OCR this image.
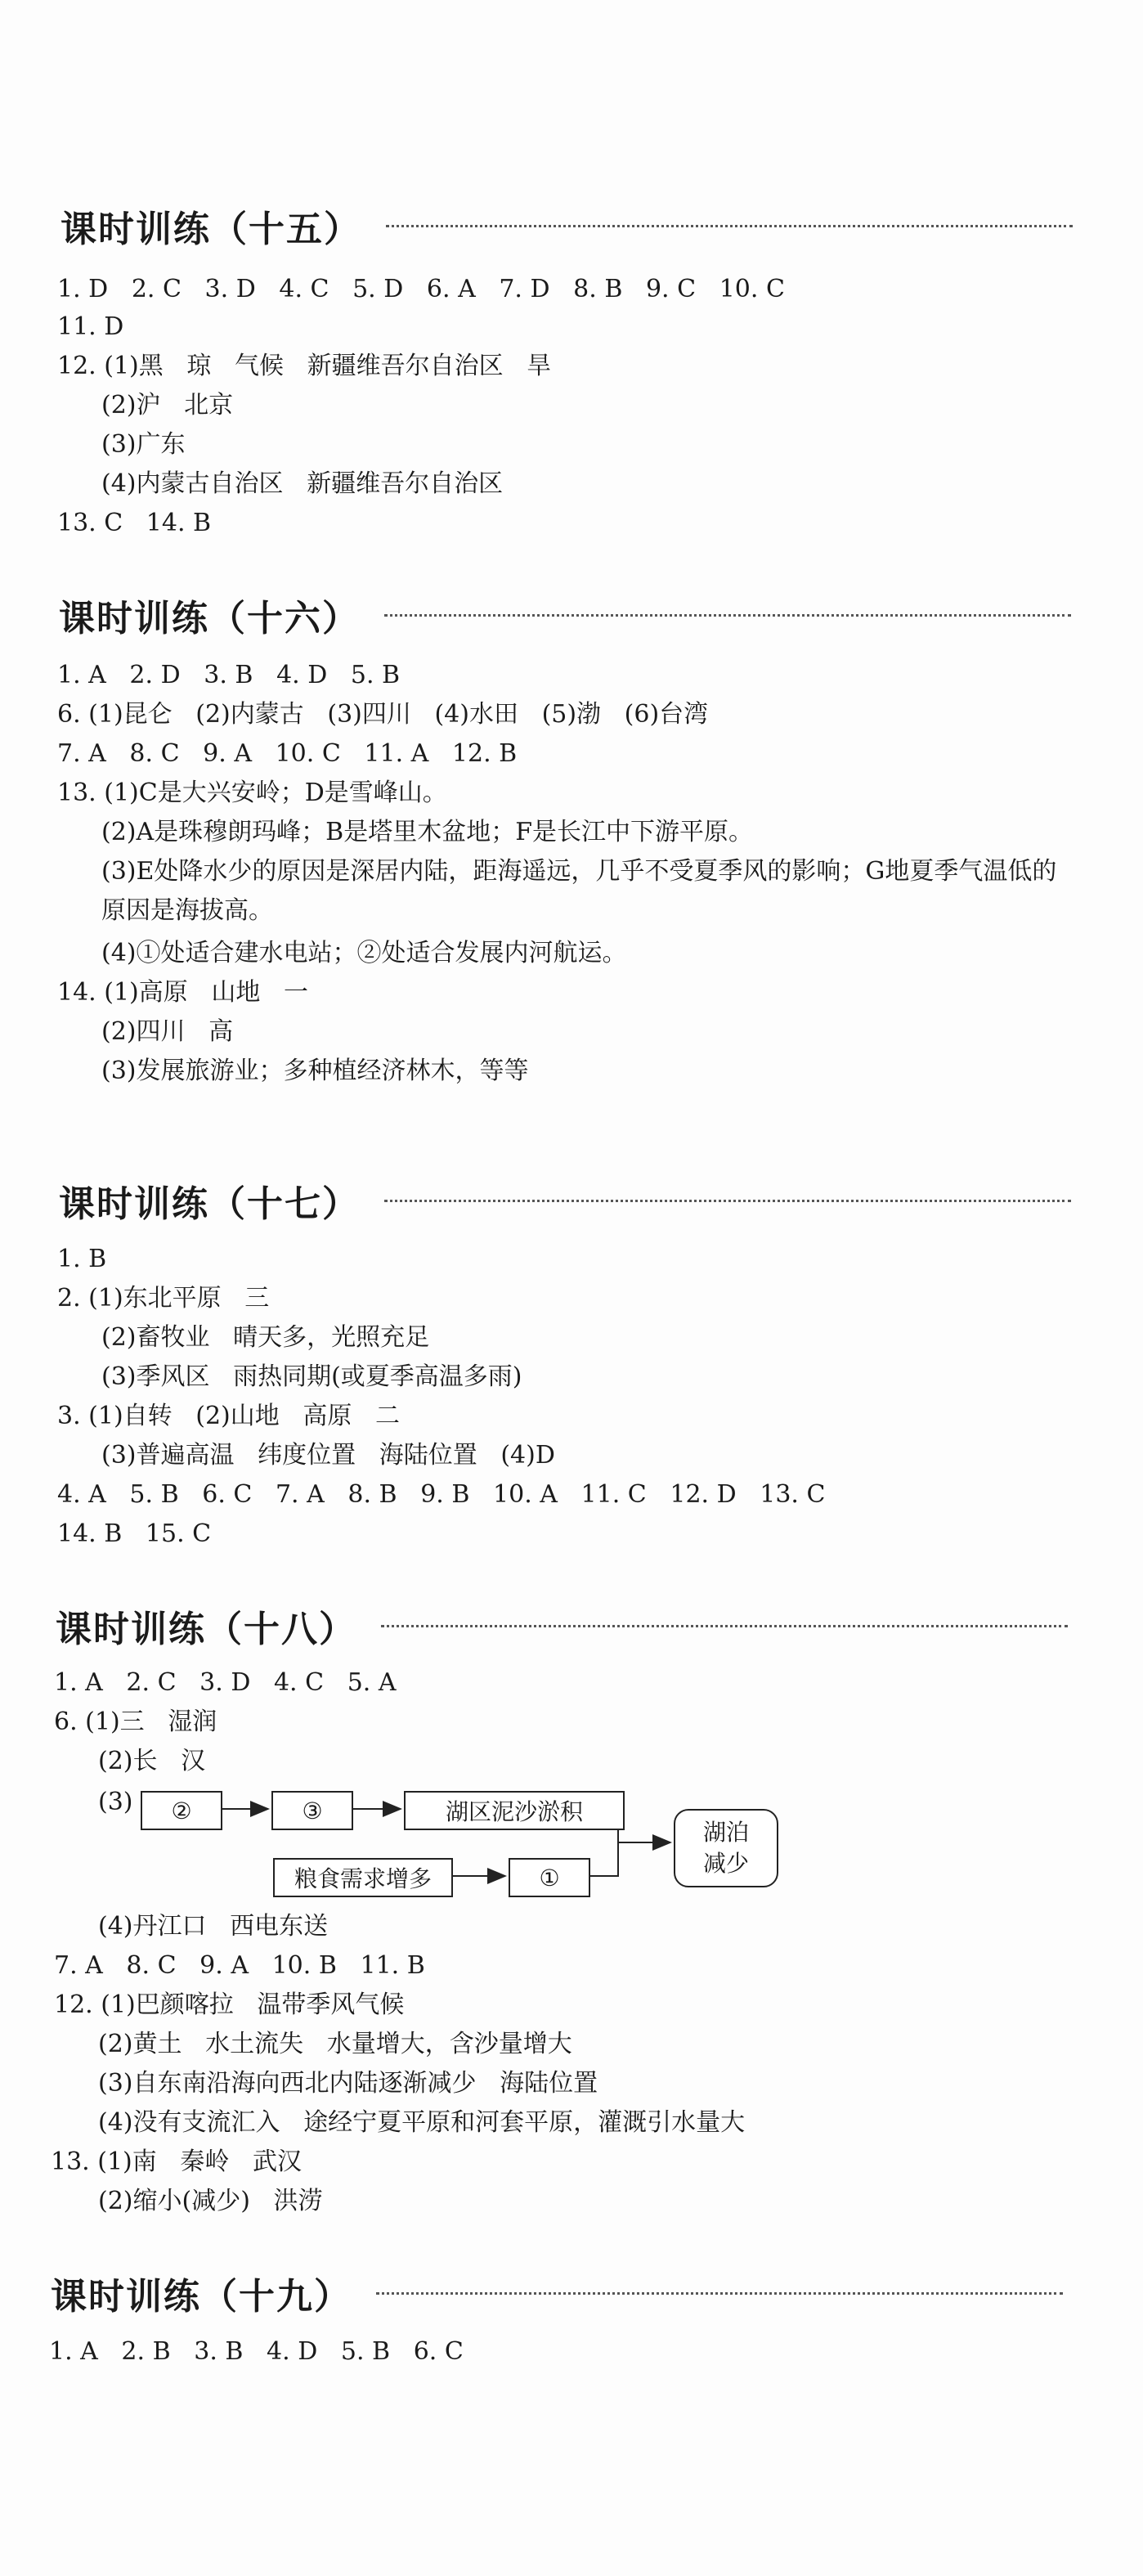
课时训练（十五）
1. D   2. C   3. D   4. C   5. D   6. A   7. D   8. B   9. C   10. C
11. D
12. (1)黑   琼   气候   新疆维吾尔自治区   旱
(2)沪   北京
(3)广东
(4)内蒙古自治区   新疆维吾尔自治区
13. C   14. B
课时训练（十六）
1. A   2. D   3. B   4. D   5. B
6. (1)昆仑   (2)内蒙古   (3)四川   (4)水田   (5)渤   (6)台湾
7. A   8. C   9. A   10. C   11. A   12. B
13. (1)C是大兴安岭；D是雪峰山。
(2)A是珠穆朗玛峰；B是塔里木盆地；F是长江中下游平原。
(3)E处降水少的原因是深居内陆，距海遥远，几乎不受夏季风的影响；G地夏季气温低的原因是海拔高。
(4)①处适合建水电站；②处适合发展内河航运。
14. (1)高原   山地   一
(2)四川   高
(3)发展旅游业；多种植经济林木，等等
课时训练（十七）
1. B
2. (1)东北平原   三
(2)畜牧业   晴天多，光照充足
(3)季风区   雨热同期(或夏季高温多雨)
3. (1)自转   (2)山地   高原   二
(3)普遍高温   纬度位置   海陆位置   (4)D
4. A   5. B   6. C   7. A   8. B   9. B   10. A   11. C   12. D   13. C
14. B   15. C
课时训练（十八）
1. A   2. C   3. D   4. C   5. A
6. (1)三   湿润
(2)长   汉
(3)	②	③	湖区泥沙淤积
粮食需求增多	①
湖泊
减少
(4)丹江口   西电东送
7. A   8. C   9. A   10. B   11. B
12. (1)巴颜喀拉   温带季风气候
(2)黄土   水土流失   水量增大，含沙量增大
(3)自东南沿海向西北内陆逐渐减少   海陆位置
(4)没有支流汇入   途经宁夏平原和河套平原，灌溉引水量大
13. (1)南   秦岭   武汉
(2)缩小(减少)   洪涝
课时训练（十九）
1. A   2. B   3. B   4. D   5. B   6. C
